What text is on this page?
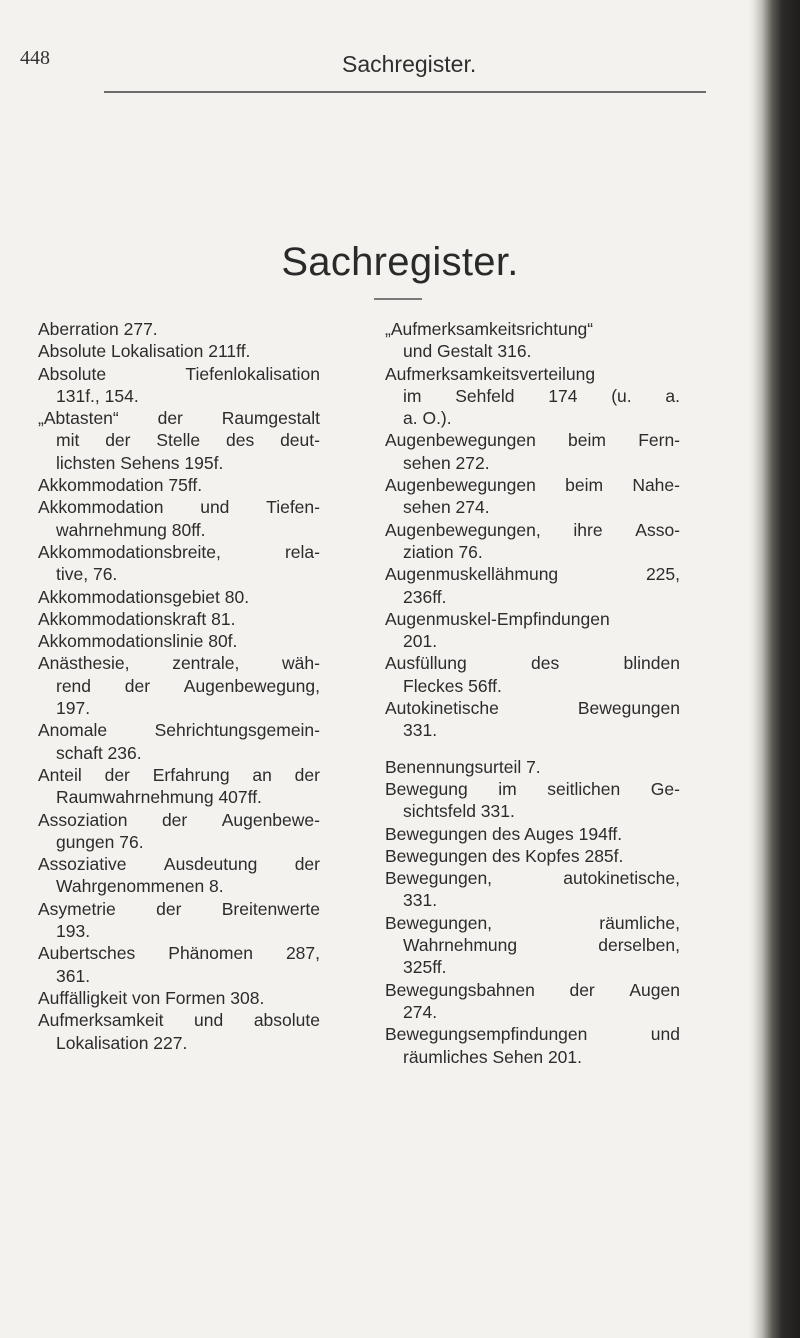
448	Sachregister.
Sachregister.
Aberration 277.
Absolute Lokalisation 211ff.
Absolute	Tiefenlokalisation
131f., 154.
„Abtasten“ der Raumgestalt
mit der Stelle des deut-
lichsten Sehens 195f.
Akkommodation 75ff.
Akkommodation und Tiefen-
wahrnehmung 80ff.
Akkommodationsbreite,	rela-
tive, 76.
Akkommodationsgebiet 80.
Akkommodationskraft 81.
Akkommodationslinie 80f.
Anästhesie, zentrale, wäh-
rend der Augenbewegung,
197.
Anomale	Sehrichtungsgemein-
schaft 236.
Anteil der Erfahrung an der
Raumwahrnehmung 407ff.
Assoziation der Augenbewe-
gungen 76.
Assoziative Ausdeutung der
Wahrgenommenen 8.
Asymetrie der Breitenwerte
193.
Aubertsches Phänomen 287,
361.
Auffälligkeit von Formen 308.
Aufmerksamkeit und absolute
Lokalisation 227.
„Aufmerksamkeitsrichtung“
und Gestalt 316.
Aufmerksamkeitsverteilung
im Sehfeld 174 (u. a.
a. O.).
Augenbewegungen beim Fern-
sehen 272.
Augenbewegungen beim Nahe-
sehen 274.
Augenbewegungen, ihre Asso-
ziation 76.
Augenmuskellähmung	225,
236ff.
Augenmuskel-Empfindungen
201.
Ausfüllung	des	blinden
Fleckes 56ff.
Autokinetische	Bewegungen
331.
Benennungsurteil 7.
Bewegung im seitlichen Ge-
sichtsfeld 331.
Bewegungen des Auges 194ff.
Bewegungen des Kopfes 285f.
Bewegungen,	autokinetische,
331.
Bewegungen,	räumliche,
Wahrnehmung	derselben,
325ff.
Bewegungsbahnen der Augen
274.
Bewegungsempfindungen	und
räumliches Sehen 201.
